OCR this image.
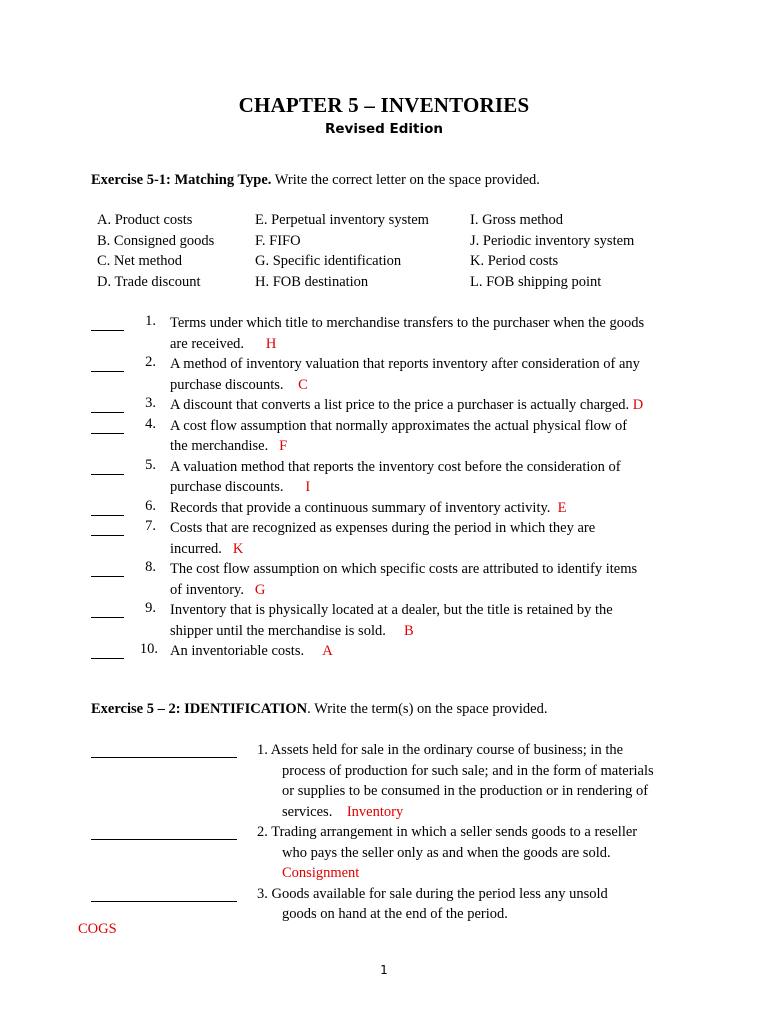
CHAPTER 5 – INVENTORIES
Revised Edition
Exercise 5-1: Matching Type. Write the correct letter on the space provided.
A. Product costs
B. Consigned goods
C. Net method
D. Trade discount
E. Perpetual inventory system
F. FIFO
G. Specific identification
H. FOB destination
I. Gross method
J. Periodic inventory system
K. Period costs
L. FOB shipping point
1. Terms under which title to merchandise transfers to the purchaser when the goods
are received. H
2. A method of inventory valuation that reports inventory after consideration of any
purchase discounts. C
3. A discount that converts a list price to the price a purchaser is actually charged. D
4. A cost flow assumption that normally approximates the actual physical flow of
the merchandise. F
5. A valuation method that reports the inventory cost before the consideration of
purchase discounts. I
6. Records that provide a continuous summary of inventory activity. E
7. Costs that are recognized as expenses during the period in which they are
incurred. K
8. The cost flow assumption on which specific costs are attributed to identify items
of inventory. G
9. Inventory that is physically located at a dealer, but the title is retained by the
shipper until the merchandise is sold. B
10. An inventoriable costs. A
Exercise 5 – 2: IDENTIFICATION. Write the term(s) on the space provided.
1. Assets held for sale in the ordinary course of business; in the
process of production for such sale; and in the form of materials
or supplies to be consumed in the production or in rendering of
services. Inventory
2. Trading arrangement in which a seller sends goods to a reseller
who pays the seller only as and when the goods are sold.
Consignment
3. Goods available for sale during the period less any unsold
goods on hand at the end of the period.
COGS
1
